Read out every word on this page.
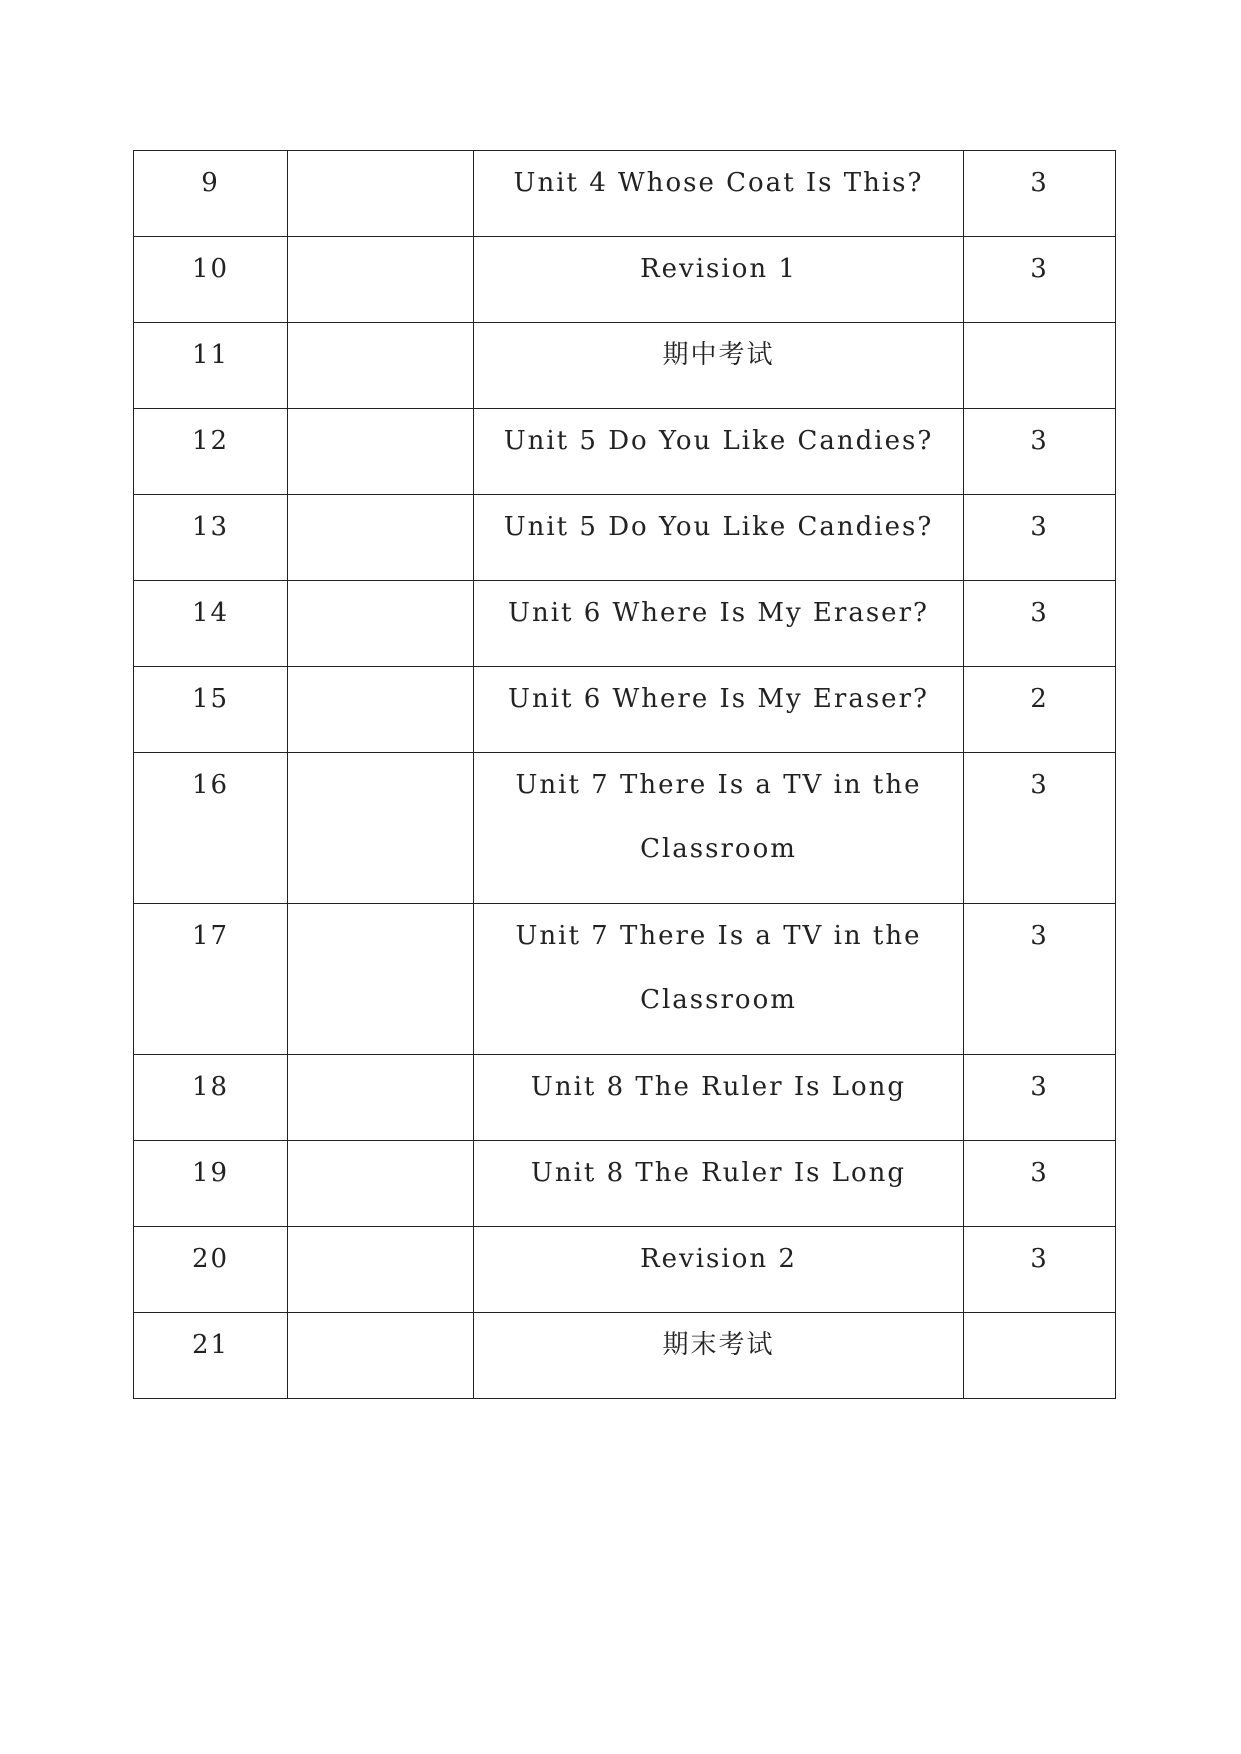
9		Unit 4 Whose Coat Is This?	3

10		Revision 1	3

11		期中考试	

12		Unit 5 Do You Like Candies?	3

13		Unit 5 Do You Like Candies?	3

14		Unit 6 Where Is My Eraser?	3

15		Unit 6 Where Is My Eraser?	2

16		Unit 7 There Is a TV in the Classroom	3

17		Unit 7 There Is a TV in the Classroom	3

18		Unit 8 The Ruler Is Long	3

19		Unit 8 The Ruler Is Long	3

20		Revision 2	3

21		期末考试	
